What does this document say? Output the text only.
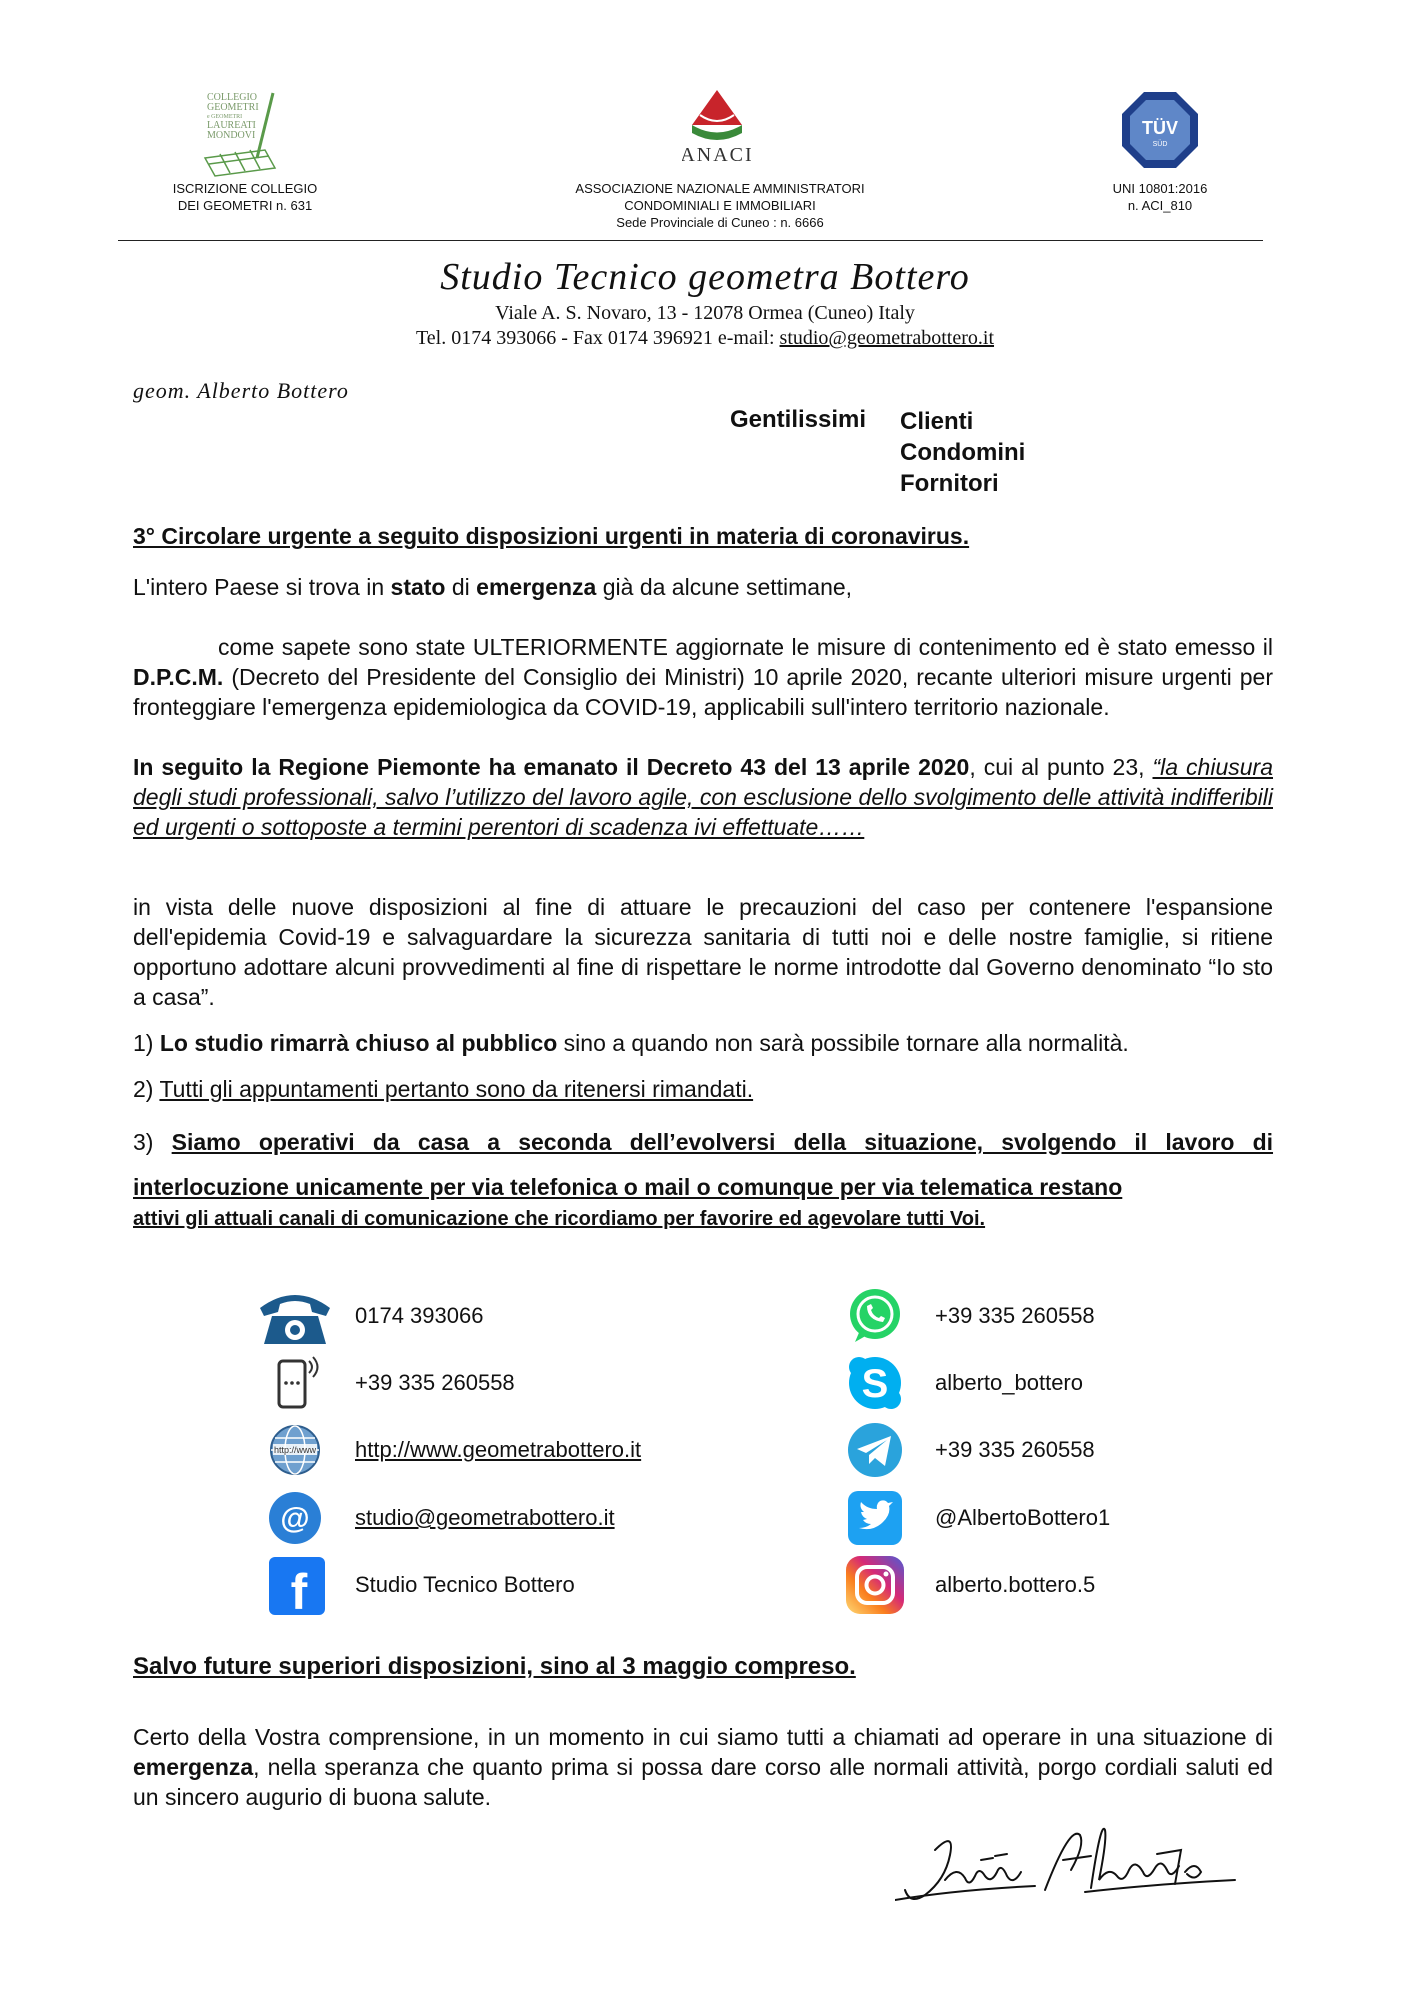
COLLEGIO
GEOMETRI
e GEOMETRI
LAUREATI
MONDOVI
ISCRIZIONE COLLEGIO
DEI GEOMETRI n. 631
ANACI
ASSOCIAZIONE NAZIONALE AMMINISTRATORI
CONDOMINIALI E IMMOBILIARI
Sede Provinciale di Cuneo : n. 6666
TÜV
SÜD
UNI 10801:2016
n. ACI_810
Studio Tecnico geometra Bottero
Viale A. S. Novaro, 13 - 12078 Ormea (Cuneo) Italy
Tel. 0174 393066 - Fax 0174 396921 e-mail: studio@geometrabottero.it
geom. Alberto Bottero
Gentilissimi Clienti
Condomini
Fornitori
3° Circolare urgente a seguito disposizioni urgenti in materia di coronavirus.
L'intero Paese si trova in stato di emergenza già da alcune settimane,
come sapete sono state ULTERIORMENTE aggiornate le misure di contenimento ed è stato emesso il D.P.C.M. (Decreto del Presidente del Consiglio dei Ministri) 10 aprile 2020, recante ulteriori misure urgenti per fronteggiare l'emergenza epidemiologica da COVID-19, applicabili sull'intero territorio nazionale.
In seguito la Regione Piemonte ha emanato il Decreto 43 del 13 aprile 2020, cui al punto 23, “la chiusura degli studi professionali, salvo l’utilizzo del lavoro agile, con esclusione dello svolgimento delle attività indifferibili ed urgenti o sottoposte a termini perentori di scadenza ivi effettuate……
in vista delle nuove disposizioni al fine di attuare le precauzioni del caso per contenere l'espansione dell'epidemia Covid-19 e salvaguardare la sicurezza sanitaria di tutti noi e delle nostre famiglie, si ritiene opportuno adottare alcuni provvedimenti al fine di rispettare le norme introdotte dal Governo denominato “Io sto a casa”.
1) Lo studio rimarrà chiuso al pubblico sino a quando non sarà possibile tornare alla normalità.
2) Tutti gli appuntamenti pertanto sono da ritenersi rimandati.
3) Siamo operativi da casa a seconda dell’evolversi della situazione, svolgendo il lavoro di interlocuzione unicamente per via telefonica o mail o comunque per via telematica restano
attivi gli attuali canali di comunicazione che ricordiamo per favorire ed agevolare tutti Voi.
0174 393066
+39 335 260558
http://www http://www.geometrabottero.it
@ studio@geometrabottero.it
f Studio Tecnico Bottero
+39 335 260558
S alberto_bottero
+39 335 260558
@AlbertoBottero1
alberto.bottero.5
Salvo future superiori disposizioni, sino al 3 maggio compreso.
Certo della Vostra comprensione, in un momento in cui siamo tutti a chiamati ad operare in una situazione di emergenza, nella speranza che quanto prima si possa dare corso alle normali attività, porgo cordiali saluti ed un sincero augurio di buona salute.
